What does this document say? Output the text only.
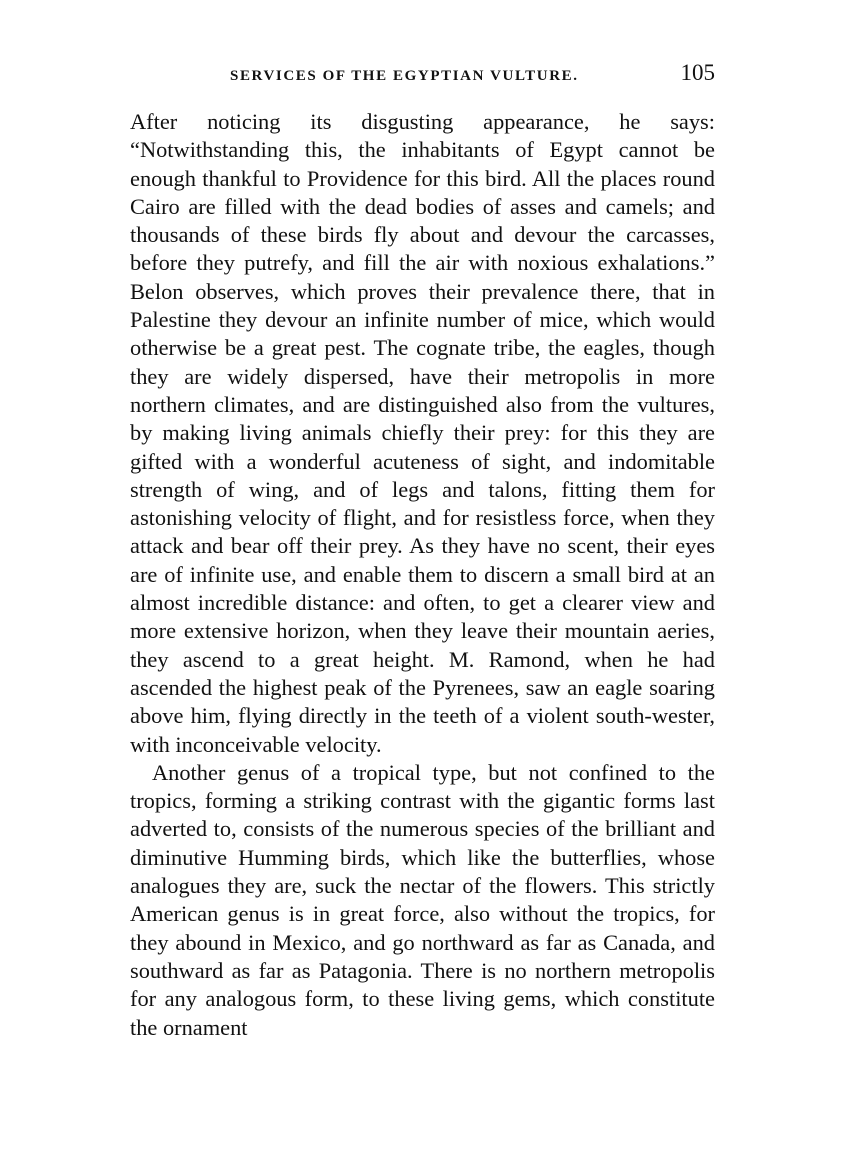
SERVICES OF THE EGYPTIAN VULTURE.	105

After noticing its disgusting appearance, he says: “Notwithstanding this, the inhabitants of Egypt cannot be enough thankful to Providence for this bird. All the places round Cairo are filled with the dead bodies of asses and camels; and thousands of these birds fly about and devour the carcasses, before they putrefy, and fill the air with noxious exhalations.” Belon observes, which proves their prevalence there, that in Palestine they devour an infinite number of mice, which would otherwise be a great pest. The cognate tribe, the eagles, though they are widely dispersed, have their metropolis in more northern climates, and are distinguished also from the vultures, by making living animals chiefly their prey: for this they are gifted with a wonderful acuteness of sight, and indomitable strength of wing, and of legs and talons, fitting them for astonishing velocity of flight, and for resistless force, when they attack and bear off their prey. As they have no scent, their eyes are of infinite use, and enable them to discern a small bird at an almost incredible distance: and often, to get a clearer view and more extensive horizon, when they leave their mountain aeries, they ascend to a great height. M. Ramond, when he had ascended the highest peak of the Pyrenees, saw an eagle soaring above him, flying directly in the teeth of a violent south-wester, with inconceivable velocity.

Another genus of a tropical type, but not confined to the tropics, forming a striking contrast with the gigantic forms last adverted to, consists of the numerous species of the brilliant and diminutive Humming birds, which like the butterflies, whose analogues they are, suck the nectar of the flowers. This strictly American genus is in great force, also without the tropics, for they abound in Mexico, and go northward as far as Canada, and southward as far as Patagonia. There is no northern metropolis for any analogous form, to these living gems, which constitute the ornament
